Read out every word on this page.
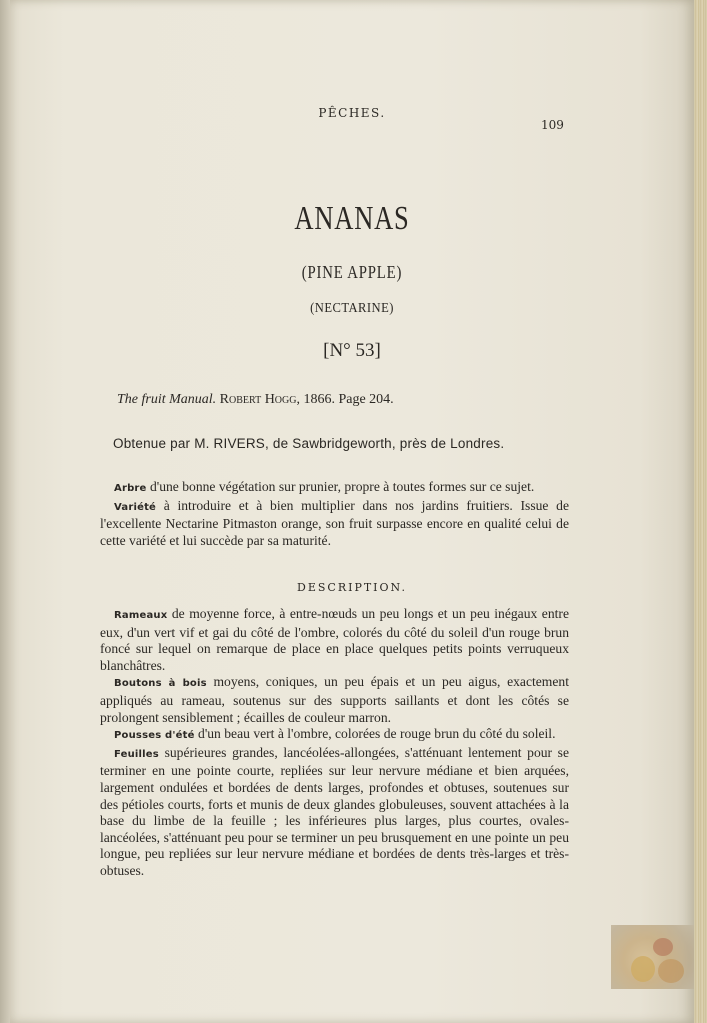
PÊCHES.
109
ANANAS
(PINE APPLE)
(NECTARINE)
[N° 53]
The fruit Manual. Robert Hogg, 1866. Page 204.
Obtenue par M. RIVERS, de Sawbridgeworth, près de Londres.

Arbre d'une bonne végétation sur prunier, propre à toutes formes sur ce sujet.

Variété à introduire et à bien multiplier dans nos jardins fruitiers. Issue de l'excellente Nectarine Pitmaston orange, son fruit surpasse encore en qualité celui de cette variété et lui succède par sa maturité.

DESCRIPTION.

Rameaux de moyenne force, à entre-nœuds un peu longs et un peu inégaux entre eux, d'un vert vif et gai du côté de l'ombre, colorés du côté du soleil d'un rouge brun foncé sur lequel on remarque de place en place quelques petits points verruqueux blanchâtres.

Boutons à bois moyens, coniques, un peu épais et un peu aigus, exactement appliqués au rameau, soutenus sur des supports saillants et dont les côtés se prolongent sensiblement ; écailles de couleur marron.

Pousses d'été d'un beau vert à l'ombre, colorées de rouge brun du côté du soleil.

Feuilles supérieures grandes, lancéolées-allongées, s'atténuant lentement pour se terminer en une pointe courte, repliées sur leur nervure médiane et bien arquées, largement ondulées et bordées de dents larges, profondes et obtuses, soutenues sur des pétioles courts, forts et munis de deux glandes globuleuses, souvent attachées à la base du limbe de la feuille ; les inférieures plus larges, plus courtes, ovales-lancéolées, s'atténuant peu pour se terminer un peu brusquement en une pointe un peu longue, peu repliées sur leur nervure médiane et bordées de dents très-larges et très-obtuses.
